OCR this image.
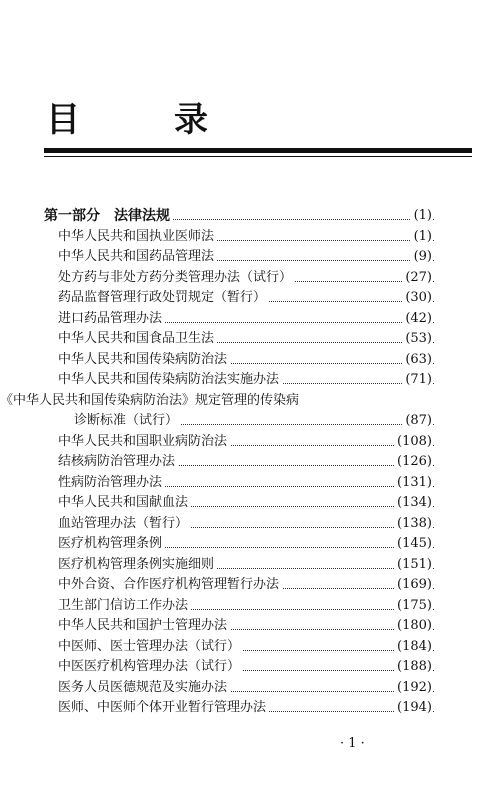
目　录
第一部分　法律法规	(1)
中华人民共和国执业医师法	(1)
中华人民共和国药品管理法	(9)
处方药与非处方药分类管理办法（试行）	(27)
药品监督管理行政处罚规定（暂行）	(30)
进口药品管理办法	(42)
中华人民共和国食品卫生法	(53)
中华人民共和国传染病防治法	(63)
中华人民共和国传染病防治法实施办法	(71)
《中华人民共和国传染病防治法》规定管理的传染病
诊断标准（试行）	(87)
中华人民共和国职业病防治法	(108)
结核病防治管理办法	(126)
性病防治管理办法	(131)
中华人民共和国献血法	(134)
血站管理办法（暂行）	(138)
医疗机构管理条例	(145)
医疗机构管理条例实施细则	(151)
中外合资、合作医疗机构管理暂行办法	(169)
卫生部门信访工作办法	(175)
中华人民共和国护士管理办法	(180)
中医师、医士管理办法（试行）	(184)
中医医疗机构管理办法（试行）	(188)
医务人员医德规范及实施办法	(192)
医师、中医师个体开业暂行管理办法	(194)
· 1 ·
